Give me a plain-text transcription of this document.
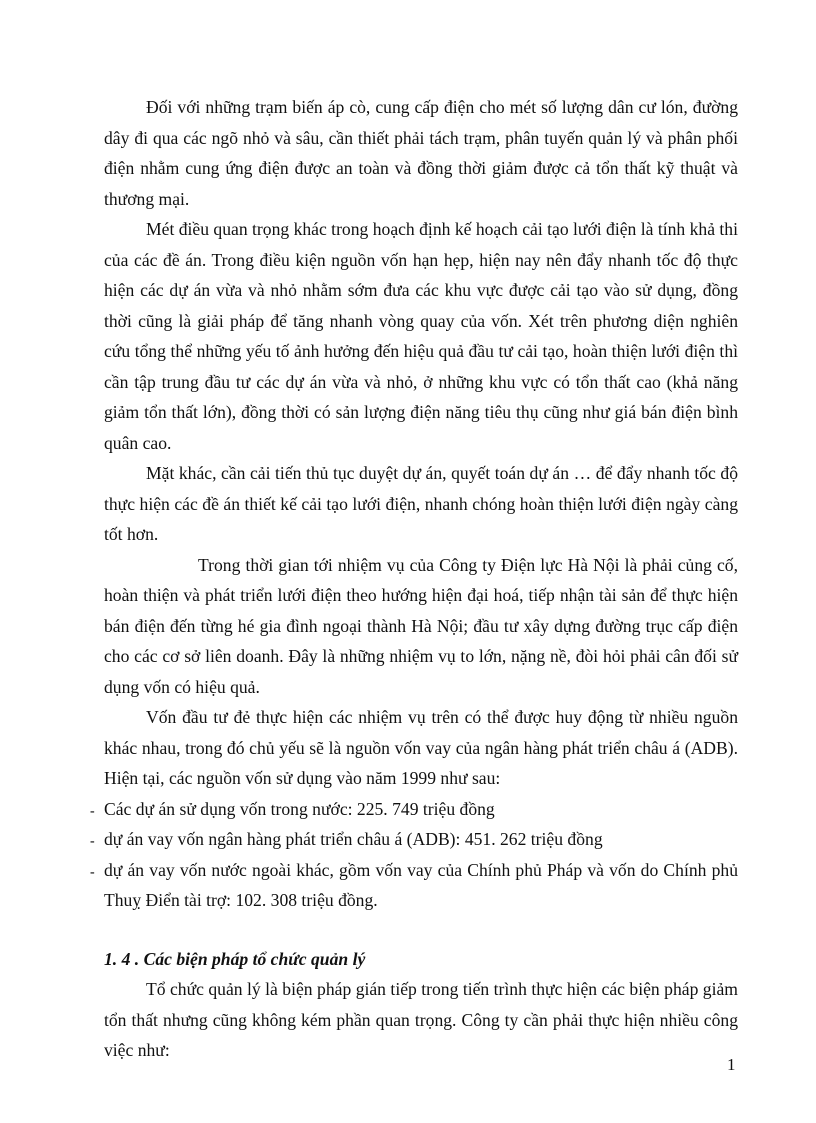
Đối với những trạm biến áp cò, cung cấp điện cho mét số lượng dân cư lón, đường dây đi qua các ngõ nhỏ và sâu, cần thiết phải tách trạm, phân tuyến quản lý và phân phối điện nhằm cung ứng điện được an toàn và đồng thời giảm được cả tổn thất kỹ thuật và thương mại.

Mét điều quan trọng khác trong hoạch định kế hoạch cải tạo lưới điện là tính khả thi của các đề án. Trong điều kiện nguồn vốn hạn hẹp, hiện nay nên đẩy nhanh tốc độ thực hiện các dự án vừa và nhỏ nhằm sớm đưa các khu vực được cải tạo vào sử dụng, đồng thời cũng là giải pháp để tăng nhanh vòng quay của vốn. Xét trên phương diện nghiên cứu tổng thể những yếu tố ảnh hưởng đến hiệu quả đầu tư cải tạo, hoàn thiện lưới điện thì cần tập trung đầu tư các dự án vừa và nhỏ, ở những khu vực có tổn thất cao (khả năng giảm tổn thất lớn), đồng thời có sản lượng điện năng tiêu thụ cũng như giá bán điện bình quân cao.

Mặt khác, cần cải tiến thủ tục duyệt dự án, quyết toán dự án … để đẩy nhanh tốc độ thực hiện các đề án thiết kế cải tạo lưới điện, nhanh chóng hoàn thiện lưới điện ngày càng tốt hơn.

Trong thời gian tới nhiệm vụ của Công ty Điện lực Hà Nội là phải củng cố, hoàn thiện và phát triển lưới điện theo hướng hiện đại hoá, tiếp nhận tài sản để thực hiện bán điện đến từng hé gia đình ngoại thành Hà Nội; đầu tư xây dựng đường trục cấp điện cho các cơ sở liên doanh. Đây là những nhiệm vụ to lớn, nặng nề, đòi hỏi phải cân đối sử dụng vốn có hiệu quả.

Vốn đầu tư đẻ thực hiện các nhiệm vụ trên có thể được huy động từ nhiều nguồn khác nhau, trong đó chủ yếu sẽ là nguồn vốn vay của ngân hàng phát triển châu á (ADB). Hiện tại, các nguồn vốn sử dụng vào năm 1999 như sau:

- Các dự án sử dụng vốn trong nước: 225. 749 triệu đồng
- dự án vay vốn ngân hàng phát triển châu á (ADB): 451. 262 triệu đồng
- dự án vay vốn nước ngoài khác, gồm vốn vay của Chính phủ Pháp và vốn do Chính phủ Thuỵ Điển tài trợ: 102. 308 triệu đồng.

1. 4 . Các biện pháp tổ chức quản lý

Tổ chức quản lý là biện pháp gián tiếp trong tiến trình thực hiện các biện pháp giảm tổn thất nhưng cũng không kém phần quan trọng. Công ty cần phải thực hiện nhiều công việc như:

1
